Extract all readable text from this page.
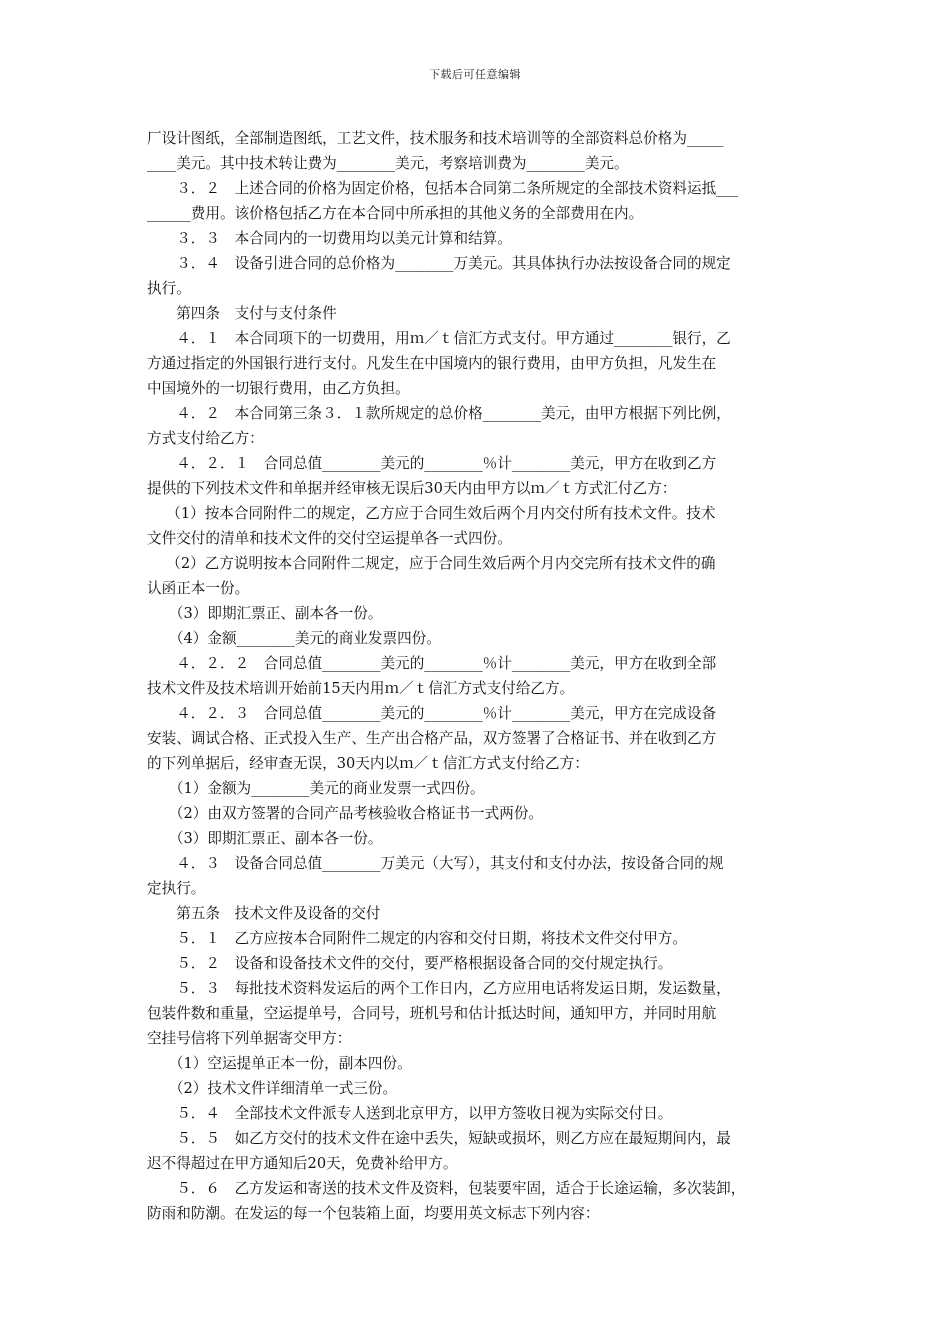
下载后可任意编辑
厂设计图纸，全部制造图纸，工艺文件，技术服务和技术培训等的全部资料总价格为_____
____美元。其中技术转让费为________美元，考察培训费为________美元。
　　３．２　上述合同的价格为固定价格，包括本合同第二条所规定的全部技术资料运抵___
______费用。该价格包括乙方在本合同中所承担的其他义务的全部费用在内。
　　３．３　本合同内的一切费用均以美元计算和结算。
　　３．４　设备引进合同的总价格为________万美元。其具体执行办法按设备合同的规定
执行。
　　第四条　支付与支付条件
　　４．１　本合同项下的一切费用，用ｍ／ｔ信汇方式支付。甲方通过________银行，乙
方通过指定的外国银行进行支付。凡发生在中国境内的银行费用，由甲方负担，凡发生在
中国境外的一切银行费用，由乙方负担。
　　４．２　本合同第三条３．１款所规定的总价格________美元，由甲方根据下列比例，
方式支付给乙方：
　　４．２．１　合同总值________美元的________％计________美元，甲方在收到乙方
提供的下列技术文件和单据并经审核无误后30天内由甲方以ｍ／ｔ方式汇付乙方：
　 （1）按本合同附件二的规定，乙方应于合同生效后两个月内交付所有技术文件。技术
文件交付的清单和技术文件的交付空运提单各一式四份。
　 （2）乙方说明按本合同附件二规定，应于合同生效后两个月内交完所有技术文件的确
认函正本一份。
　　（3）即期汇票正、副本各一份。
　　（4）金额________美元的商业发票四份。
　　４．２．２　合同总值________美元的________％计________美元，甲方在收到全部
技术文件及技术培训开始前15天内用ｍ／ｔ信汇方式支付给乙方。
　　４．２．３　合同总值________美元的________％计________美元，甲方在完成设备
安装、调试合格、正式投入生产、生产出合格产品，双方签署了合格证书、并在收到乙方
的下列单据后，经审查无误，30天内以ｍ／ｔ信汇方式支付给乙方：
　　（1）金额为________美元的商业发票一式四份。
　　（2）由双方签署的合同产品考核验收合格证书一式两份。
　　（3）即期汇票正、副本各一份。
　　４．３　设备合同总值________万美元（大写），其支付和支付办法，按设备合同的规
定执行。
　　第五条　技术文件及设备的交付
　　５．１　乙方应按本合同附件二规定的内容和交付日期，将技术文件交付甲方。
　　５．２　设备和设备技术文件的交付，要严格根据设备合同的交付规定执行。
　　５．３　每批技术资料发运后的两个工作日内，乙方应用电话将发运日期，发运数量，
包装件数和重量，空运提单号，合同号，班机号和估计抵达时间，通知甲方，并同时用航
空挂号信将下列单据寄交甲方：
　　（1）空运提单正本一份，副本四份。
　　（2）技术文件详细清单一式三份。
　　５．４　全部技术文件派专人送到北京甲方，以甲方签收日视为实际交付日。
　　５．５　如乙方交付的技术文件在途中丢失，短缺或损坏，则乙方应在最短期间内，最
迟不得超过在甲方通知后20天，免费补给甲方。
　　５．６　乙方发运和寄送的技术文件及资料，包装要牢固，适合于长途运输，多次装卸，
防雨和防潮。在发运的每一个包装箱上面，均要用英文标志下列内容：
